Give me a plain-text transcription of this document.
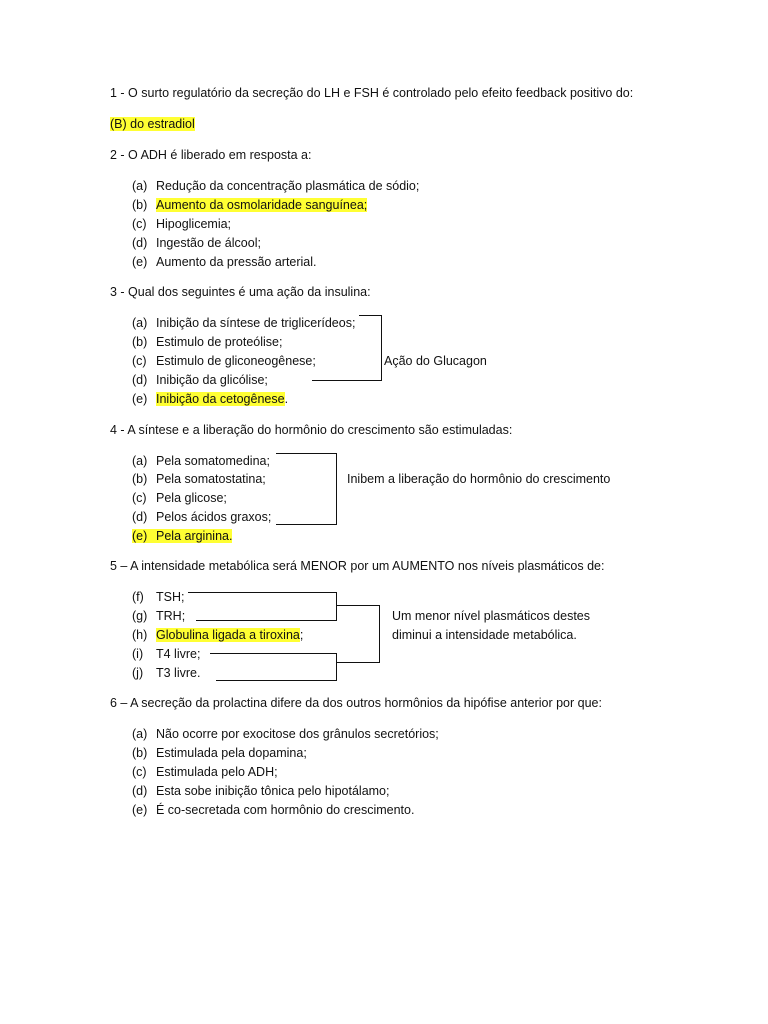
1 - O surto regulatório da secreção do LH e FSH é controlado pelo efeito feedback positivo do:
(B) do estradiol
2 - O ADH é liberado em resposta a:
(a) Redução da concentração plasmática de sódio;
(b) Aumento da osmolaridade sanguínea;
(c) Hipoglicemia;
(d) Ingestão de álcool;
(e) Aumento da pressão arterial.
3 - Qual dos seguintes é uma ação da insulina:
(a) Inibição da síntese de triglicerídeos;
(b) Estimulo de proteólise;
(c) Estimulo de gliconeogênese;
(d) Inibição da glicólise;
(e) Inibição da cetogênese.
Ação do Glucagon
4 - A síntese e a liberação do hormônio do crescimento são estimuladas:
(a) Pela somatomedina;
(b) Pela somatostatina;
(c) Pela glicose;
(d) Pelos ácidos graxos;
(e) Pela arginina.
Inibem a liberação do hormônio do crescimento
5 – A intensidade metabólica será MENOR por um AUMENTO nos níveis plasmáticos de:
(f) TSH;
(g) TRH;
(h) Globulina ligada a tiroxina;
(i) T4 livre;
(j) T3 livre.
Um menor nível plasmáticos destes
diminui a intensidade metabólica.
6 – A secreção da prolactina difere da dos outros hormônios da hipófise anterior por que:
(a) Não ocorre por exocitose dos grânulos secretórios;
(b) Estimulada pela dopamina;
(c) Estimulada pelo ADH;
(d) Esta sobe inibição tônica pelo hipotálamo;
(e) É co-secretada com hormônio do crescimento.
